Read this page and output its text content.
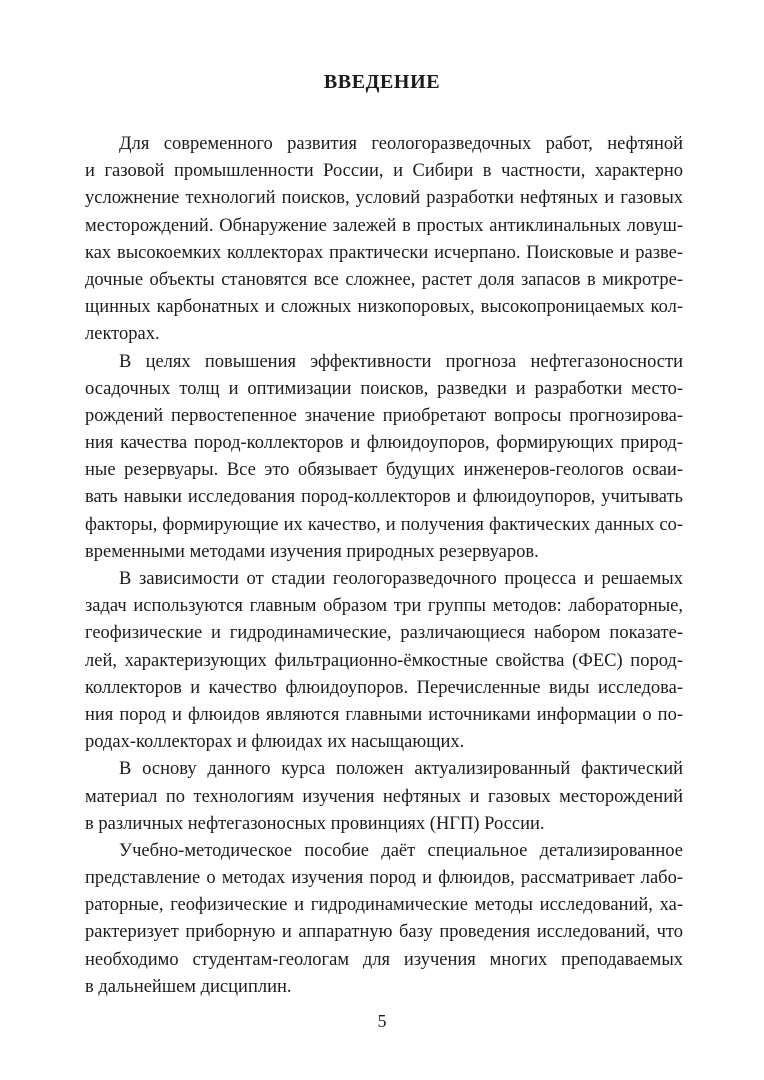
ВВЕДЕНИЕ
Для современного развития геологоразведочных работ, нефтяной
и газовой промышленности России, и Сибири в частности, характерно
усложнение технологий поисков, условий разработки нефтяных и газовых
месторождений. Обнаружение залежей в простых антиклинальных ловуш-
ках высокоемких коллекторах практически исчерпано. Поисковые и разве-
дочные объекты становятся все сложнее, растет доля запасов в микротре-
щинных карбонатных и сложных низкопоровых, высокопроницаемых кол-
лекторах.
В целях повышения эффективности прогноза нефтегазоносности
осадочных толщ и оптимизации поисков, разведки и разработки место-
рождений первостепенное значение приобретают вопросы прогнозирова-
ния качества пород-коллекторов и флюидоупоров, формирующих природ-
ные резервуары. Все это обязывает будущих инженеров-геологов осваи-
вать навыки исследования пород-коллекторов и флюидоупоров, учитывать
факторы, формирующие их качество, и получения фактических данных со-
временными методами изучения природных резервуаров.
В зависимости от стадии геологоразведочного процесса и решаемых
задач используются главным образом три группы методов: лабораторные,
геофизические и гидродинамические, различающиеся набором показате-
лей, характеризующих фильтрационно-ёмкостные свойства (ФЕС) пород-
коллекторов и качество флюидоупоров. Перечисленные виды исследова-
ния пород и флюидов являются главными источниками информации о по-
родах-коллекторах и флюидах их насыщающих.
В основу данного курса положен актуализированный фактический
материал по технологиям изучения нефтяных и газовых месторождений
в различных нефтегазоносных провинциях (НГП) России.
Учебно-методическое пособие даёт специальное детализированное
представление о методах изучения пород и флюидов, рассматривает лабо-
раторные, геофизические и гидродинамические методы исследований, ха-
рактеризует приборную и аппаратную базу проведения исследований, что
необходимо студентам-геологам для изучения многих преподаваемых
в дальнейшем дисциплин.
5
